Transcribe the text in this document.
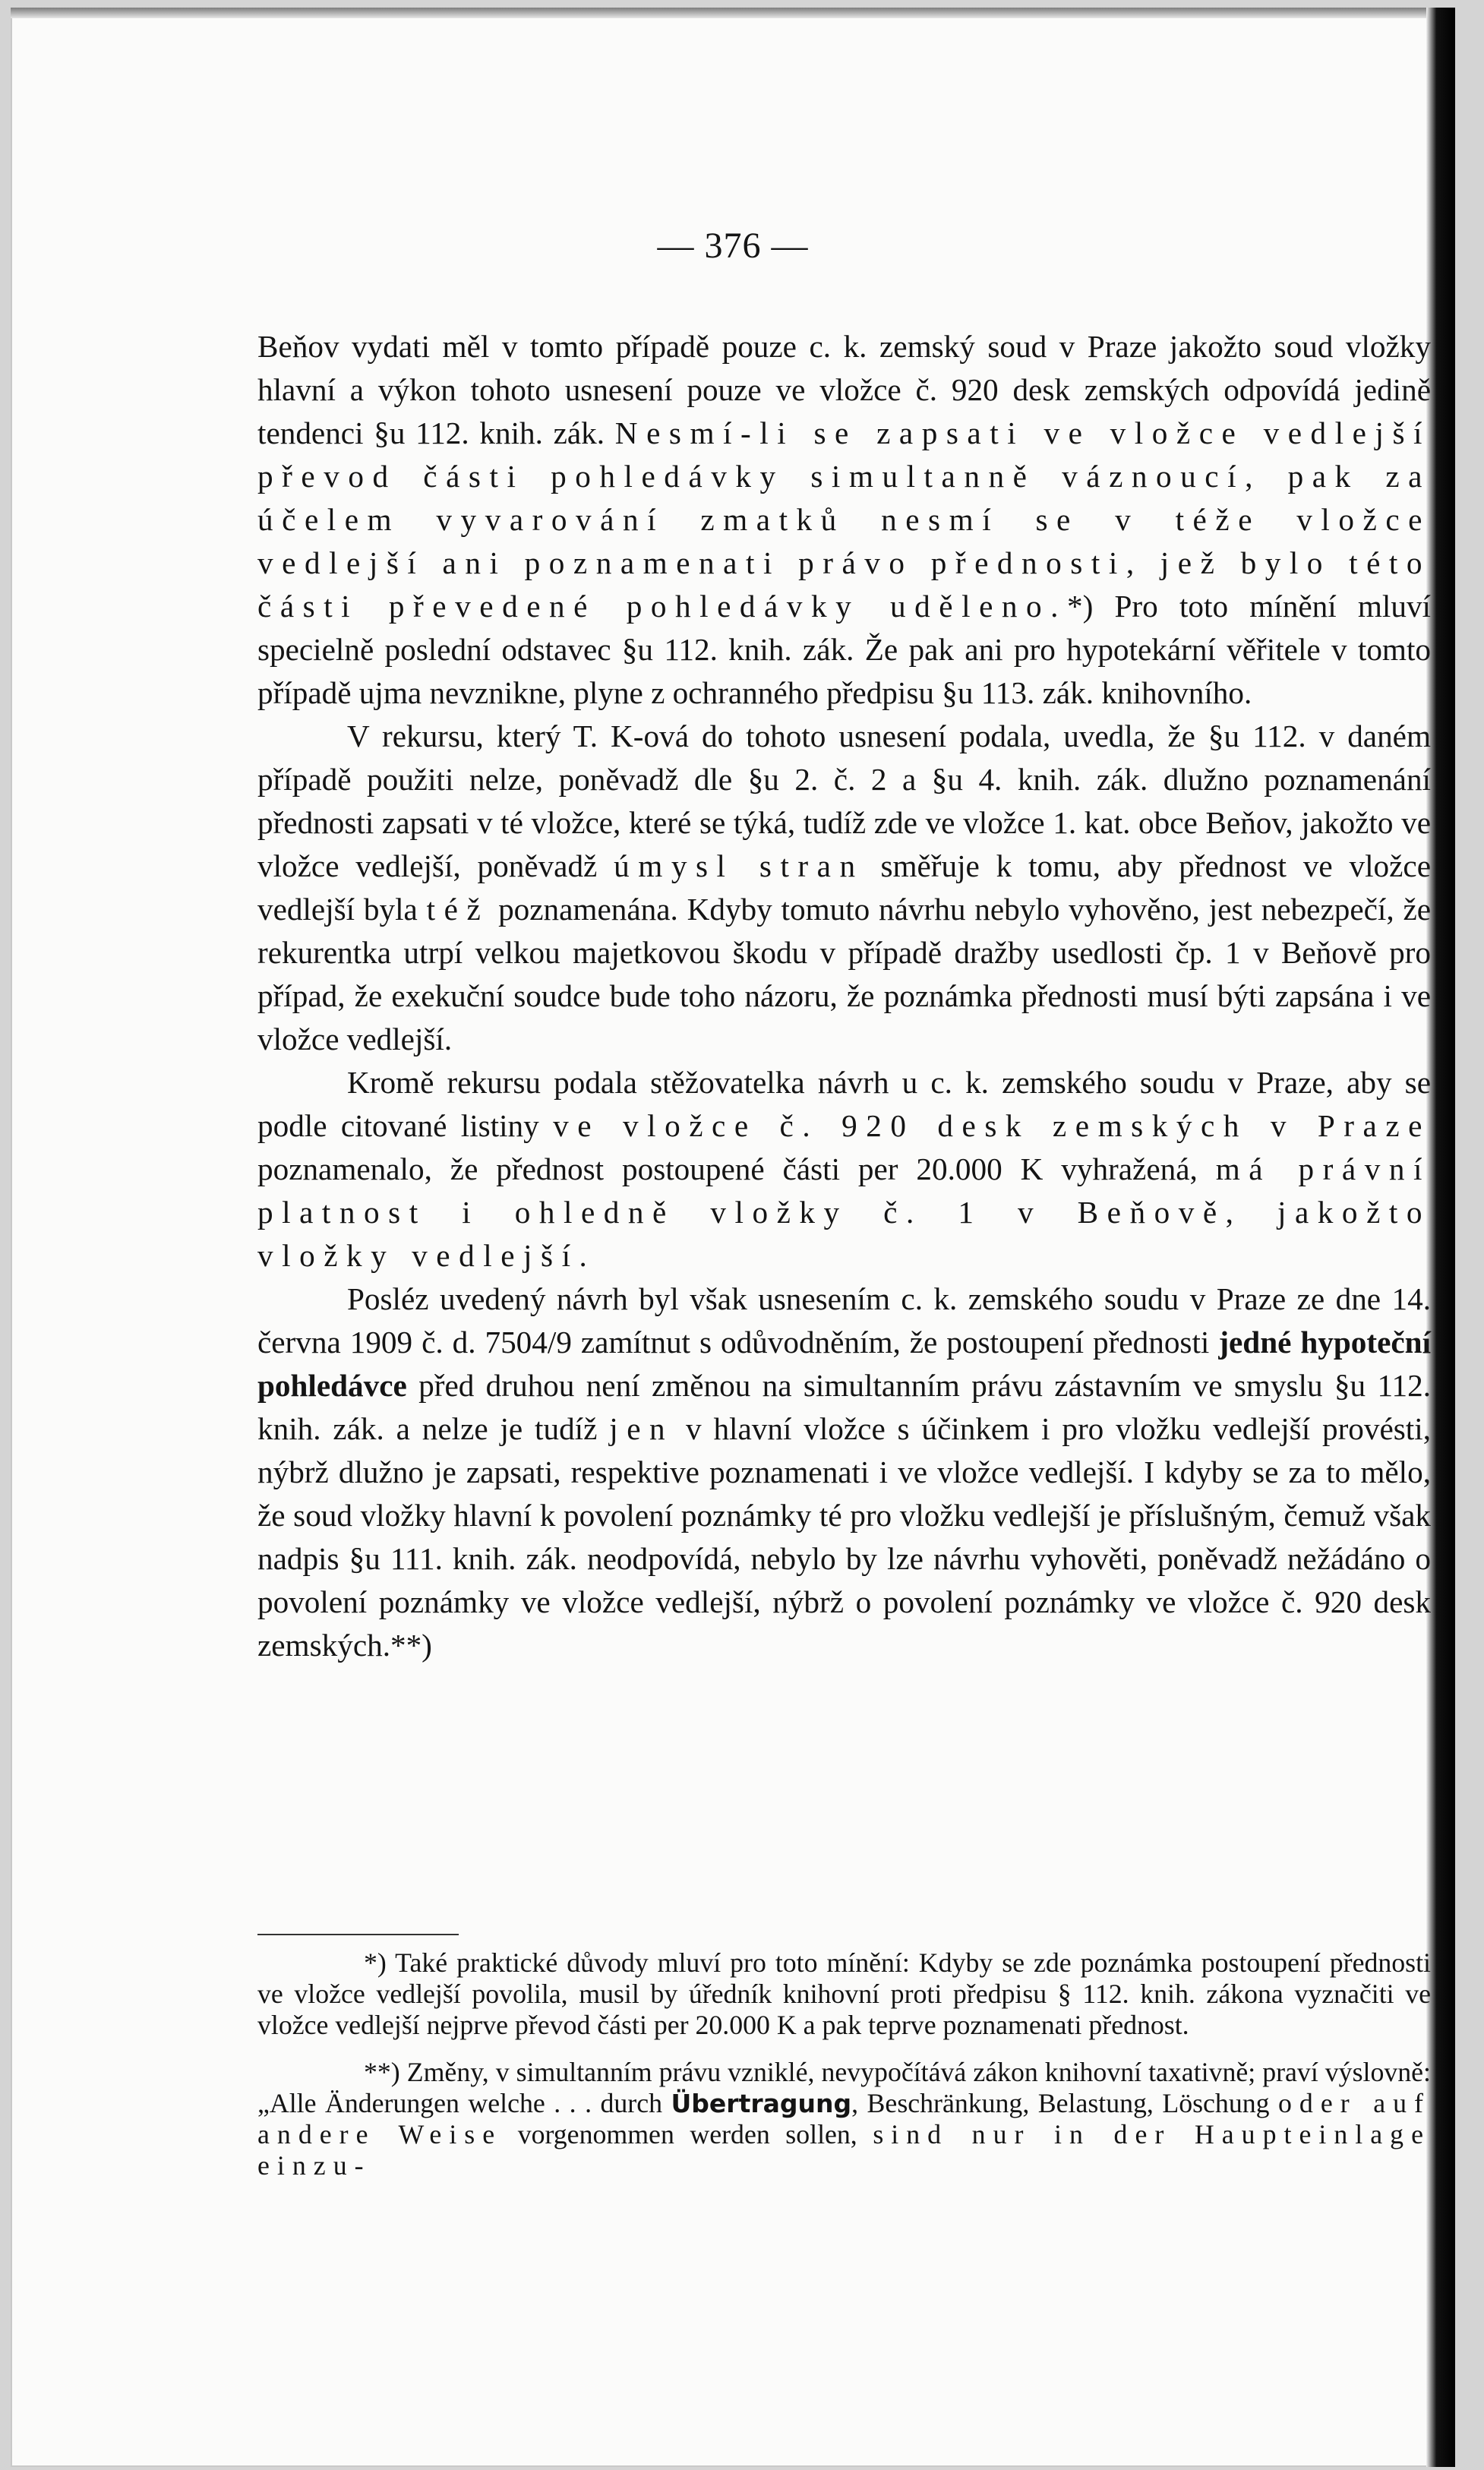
— 376 —

Beňov vydati měl v tomto případě pouze c. k. zemský soud v Praze jakožto soud vložky hlavní a výkon tohoto usnesení pouze ve vložce č. 920 desk zemských odpovídá jedině tendenci §u 112. knih. zák. Nesmí-li se zapsati ve vložce vedlejší převod části pohledávky simultanně váznoucí, pak za účelem vyvarování zmatků nesmí se v téže vložce vedlejší ani poznamenati právo přednosti, jež bylo této části převedené pohledávky uděleno.*) Pro toto mínění mluví specielně poslední odstavec §u 112. knih. zák. Že pak ani pro hypotekární věřitele v tomto případě ujma nevznikne, plyne z ochranného předpisu §u 113. zák. knihovního.

V rekursu, který T. K-ová do tohoto usnesení podala, uvedla, že §u 112. v daném případě použiti nelze, poněvadž dle §u 2. č. 2 a §u 4. knih. zák. dlužno poznamenání přednosti zapsati v té vložce, které se týká, tudíž zde ve vložce 1. kat. obce Beňov, jakožto ve vložce vedlejší, poněvadž úmysl stran směřuje k tomu, aby přednost ve vložce vedlejší byla též poznamenána. Kdyby tomuto návrhu nebylo vyhověno, jest nebezpečí, že rekurentka utrpí velkou majetkovou škodu v případě dražby usedlosti čp. 1 v Beňově pro případ, že exekuční soudce bude toho názoru, že poznámka přednosti musí býti zapsána i ve vložce vedlejší.

Kromě rekursu podala stěžovatelka návrh u c. k. zemského soudu v Praze, aby se podle citované listiny ve vložce č. 920 desk zemských v Praze poznamenalo, že přednost postoupené části per 20.000 K vyhražená, má právní platnost i ohledně vložky č. 1 v Beňově, jakožto vložky vedlejší.

Posléz uvedený návrh byl však usnesením c. k. zemského soudu v Praze ze dne 14. června 1909 č. d. 7504/9 zamítnut s odůvodněním, že postoupení přednosti jedné hypoteční pohledávce před druhou není změnou na simultanním právu zástavním ve smyslu §u 112. knih. zák. a nelze je tudíž jen v hlavní vložce s účinkem i pro vložku vedlejší provésti, nýbrž dlužno je zapsati, respektive poznamenati i ve vložce vedlejší. I kdyby se za to mělo, že soud vložky hlavní k povolení poznámky té pro vložku vedlejší je příslušným, čemuž však nadpis §u 111. knih. zák. neodpovídá, nebylo by lze návrhu vyhověti, poněvadž nežádáno o povolení poznámky ve vložce vedlejší, nýbrž o povolení poznámky ve vložce č. 920 desk zemských.**)

*) Také praktické důvody mluví pro toto mínění: Kdyby se zde poznámka postoupení přednosti ve vložce vedlejší povolila, musil by úředník knihovní proti předpisu § 112. knih. zákona vyznačiti ve vložce vedlejší nejprve převod části per 20.000 K a pak teprve poznamenati přednost.

**) Změny, v simultanním právu vzniklé, nevypočítává zákon knihovní taxativně; praví výslovně: „Alle Änderungen welche . . . durch Übertragung, Beschränkung, Belastung, Löschung oder auf andere Weise vorgenommen werden sollen, sind nur in der Haupteinlage einzu-
